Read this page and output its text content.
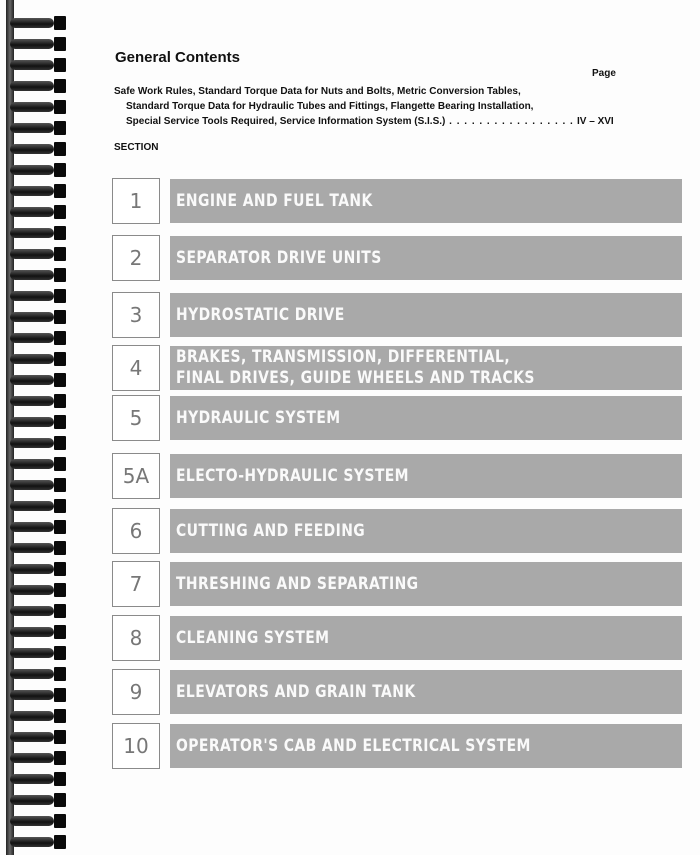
General Contents
Page
Safe Work Rules, Standard Torque Data for Nuts and Bolts, Metric Conversion Tables,
Standard Torque Data for Hydraulic Tubes and Fittings, Flangette Bearing Installation,
Special Service Tools Required, Service Information System (S.I.S.) . . . . . . . . . . . . . . . . . IV – XVI
SECTION
1	ENGINE AND FUEL TANK
2	SEPARATOR DRIVE UNITS
3	HYDROSTATIC DRIVE
4	BRAKES, TRANSMISSION, DIFFERENTIAL,
FINAL DRIVES, GUIDE WHEELS AND TRACKS
5	HYDRAULIC SYSTEM
5A	ELECTO-HYDRAULIC SYSTEM
6	CUTTING AND FEEDING
7	THRESHING AND SEPARATING
8	CLEANING SYSTEM
9	ELEVATORS AND GRAIN TANK
10	OPERATOR'S CAB AND ELECTRICAL SYSTEM
